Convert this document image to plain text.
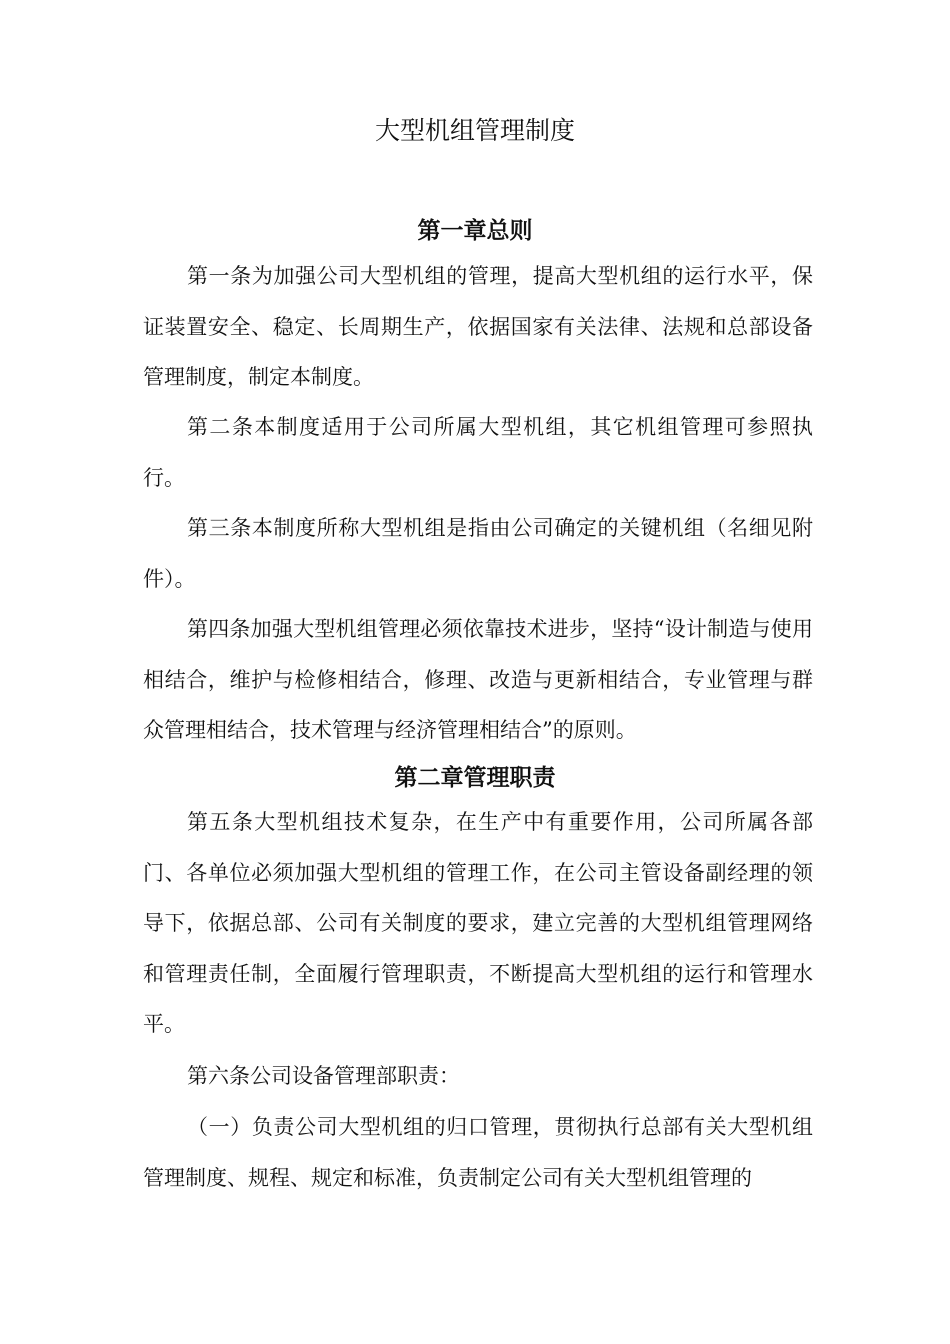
大型机组管理制度
第一章总则

第一条为加强公司大型机组的管理，提高大型机组的运行水平，保证装置安全、稳定、长周期生产，依据国家有关法律、法规和总部设备管理制度，制定本制度。

第二条本制度适用于公司所属大型机组，其它机组管理可参照执行。

第三条本制度所称大型机组是指由公司确定的关键机组（名细见附件）。

第四条加强大型机组管理必须依靠技术进步，坚持“设计制造与使用相结合，维护与检修相结合，修理、改造与更新相结合，专业管理与群众管理相结合，技术管理与经济管理相结合”的原则。

第二章管理职责

第五条大型机组技术复杂，在生产中有重要作用，公司所属各部门、各单位必须加强大型机组的管理工作，在公司主管设备副经理的领导下，依据总部、公司有关制度的要求，建立完善的大型机组管理网络和管理责任制，全面履行管理职责，不断提高大型机组的运行和管理水平。

第六条公司设备管理部职责：

（一）负责公司大型机组的归口管理，贯彻执行总部有关大型机组管理制度、规程、规定和标准，负责制定公司有关大型机组管理的
